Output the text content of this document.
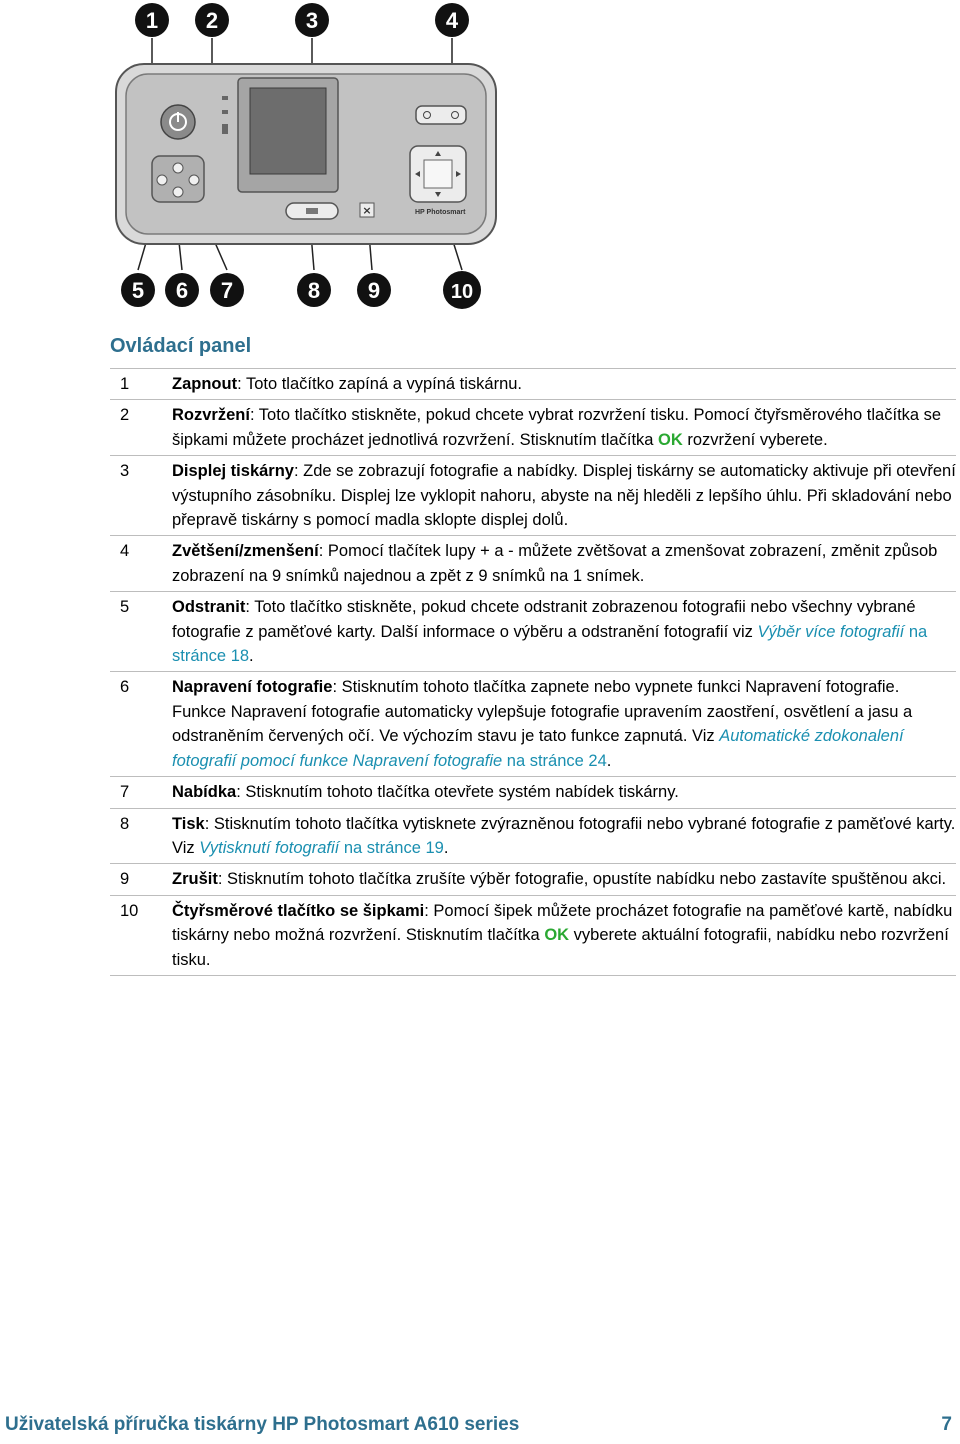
×	HP Photosmart
1 2	3	4
5 6 7	8 9	10
Ovládací panel
1	Zapnout: Toto tlačítko zapíná a vypíná tiskárnu.
2	Rozvržení: Toto tlačítko stiskněte, pokud chcete vybrat rozvržení tisku. Pomocí čtyřsměrového tlačítka se šipkami můžete procházet jednotlivá rozvržení. Stisknutím tlačítka OK rozvržení vyberete.
3	Displej tiskárny: Zde se zobrazují fotografie a nabídky. Displej tiskárny se automaticky aktivuje při otevření výstupního zásobníku. Displej lze vyklopit nahoru, abyste na něj hleděli z lepšího úhlu. Při skladování nebo přepravě tiskárny s pomocí madla sklopte displej dolů.
4	Zvětšení/zmenšení: Pomocí tlačítek lupy + a - můžete zvětšovat a zmenšovat zobrazení, změnit způsob zobrazení na 9 snímků najednou a zpět z 9 snímků na 1 snímek.
5	Odstranit: Toto tlačítko stiskněte, pokud chcete odstranit zobrazenou fotografii nebo všechny vybrané fotografie z paměťové karty. Další informace o výběru a odstranění fotografií viz Výběr více fotografií na stránce 18.
6	Napravení fotografie: Stisknutím tohoto tlačítka zapnete nebo vypnete funkci Napravení fotografie. Funkce Napravení fotografie automaticky vylepšuje fotografie upravením zaostření, osvětlení a jasu a odstraněním červených očí. Ve výchozím stavu je tato funkce zapnutá. Viz Automatické zdokonalení fotografií pomocí funkce Napravení fotografie na stránce 24.
7	Nabídka: Stisknutím tohoto tlačítka otevřete systém nabídek tiskárny.
8	Tisk: Stisknutím tohoto tlačítka vytisknete zvýrazněnou fotografii nebo vybrané fotografie z paměťové karty. Viz Vytisknutí fotografií na stránce 19.
9	Zrušit: Stisknutím tohoto tlačítka zrušíte výběr fotografie, opustíte nabídku nebo zastavíte spuštěnou akci.
10	Čtyřsměrové tlačítko se šipkami: Pomocí šipek můžete procházet fotografie na paměťové kartě, nabídku tiskárny nebo možná rozvržení. Stisknutím tlačítka OK vyberete aktuální fotografii, nabídku nebo rozvržení tisku.
Uživatelská příručka tiskárny HP Photosmart A610 series	7
